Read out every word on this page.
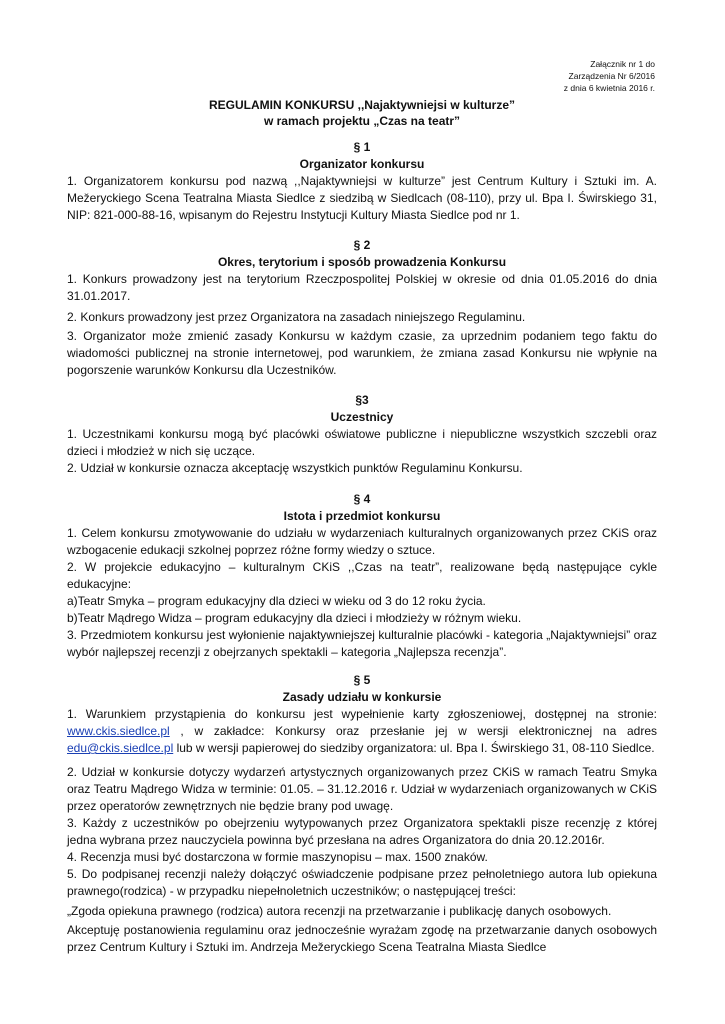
Załącznik nr 1 do
Zarządzenia Nr 6/2016
z dnia 6 kwietnia 2016 r.
REGULAMIN KONKURSU ,,Najaktywniejsi w kulturze”
w ramach projektu „Czas na teatr”
§ 1
Organizator konkursu

1. Organizatorem konkursu pod nazwą ,,Najaktywniejsi w kulturze” jest Centrum Kultury i Sztuki im. A. Mežeryckiego Scena Teatralna Miasta Siedlce z siedzibą w Siedlcach (08-110), przy ul. Bpa I. Świrskiego 31, NIP: 821-000-88-16, wpisanym do Rejestru Instytucji Kultury Miasta Siedlce pod nr 1.

§ 2
Okres, terytorium i sposób prowadzenia Konkursu

1. Konkurs prowadzony jest na terytorium Rzeczpospolitej Polskiej w okresie od dnia 01.05.2016 do dnia 31.01.2017.

2. Konkurs prowadzony jest przez Organizatora na zasadach niniejszego Regulaminu.

3. Organizator może zmienić zasady Konkursu w każdym czasie, za uprzednim podaniem tego faktu do wiadomości publicznej na stronie internetowej, pod warunkiem, że zmiana zasad Konkursu nie wpłynie na pogorszenie warunków Konkursu dla Uczestników.

§3
Uczestnicy

1. Uczestnikami konkursu mogą być placówki oświatowe publiczne i niepubliczne wszystkich szczebli oraz dzieci i młodzież w nich się uczące.

2. Udział w konkursie oznacza akceptację wszystkich punktów Regulaminu Konkursu.

§ 4
Istota i przedmiot konkursu

1. Celem konkursu zmotywowanie do udziału w wydarzeniach kulturalnych organizowanych przez CKiS oraz wzbogacenie edukacji szkolnej poprzez różne formy wiedzy o sztuce.

2. W projekcie edukacyjno – kulturalnym CKiS ,,Czas na teatr”, realizowane będą następujące cykle edukacyjne:

a)Teatr Smyka – program edukacyjny dla dzieci w wieku od 3 do 12 roku życia.

b)Teatr Mądrego Widza – program edukacyjny dla dzieci i młodzieży w różnym wieku.

3. Przedmiotem konkursu jest wyłonienie najaktywniejszej kulturalnie placówki - kategoria „Najaktywniejsi” oraz wybór najlepszej recenzji z obejrzanych spektakli – kategoria „Najlepsza recenzja”.

§ 5
Zasady udziału w konkursie

1. Warunkiem przystąpienia do konkursu jest wypełnienie karty zgłoszeniowej, dostępnej na stronie: www.ckis.siedlce.pl , w zakładce: Konkursy oraz przesłanie jej w wersji elektronicznej na adres edu@ckis.siedlce.pl lub w wersji papierowej do siedziby organizatora: ul. Bpa I. Świrskiego 31, 08-110 Siedlce.

2. Udział w konkursie dotyczy wydarzeń artystycznych organizowanych przez CKiS w ramach Teatru Smyka oraz Teatru Mądrego Widza w terminie: 01.05. – 31.12.2016 r. Udział w wydarzeniach organizowanych w CKiS przez operatorów zewnętrznych nie będzie brany pod uwagę.

3. Każdy z uczestników po obejrzeniu wytypowanych przez Organizatora spektakli pisze recenzję z której jedna wybrana przez nauczyciela powinna być przesłana na adres Organizatora do dnia 20.12.2016r.

4. Recenzja musi być dostarczona w formie maszynopisu – max. 1500 znaków.

5. Do podpisanej recenzji należy dołączyć oświadczenie podpisane przez pełnoletniego autora lub opiekuna prawnego(rodzica) - w przypadku niepełnoletnich uczestników; o następującej treści:

„Zgoda opiekuna prawnego (rodzica) autora recenzji na przetwarzanie i publikację danych osobowych.

Akceptuję postanowienia regulaminu oraz jednocześnie wyrażam zgodę na przetwarzanie danych osobowych przez Centrum Kultury i Sztuki im. Andrzeja Mežeryckiego Scena Teatralna Miasta Siedlce
